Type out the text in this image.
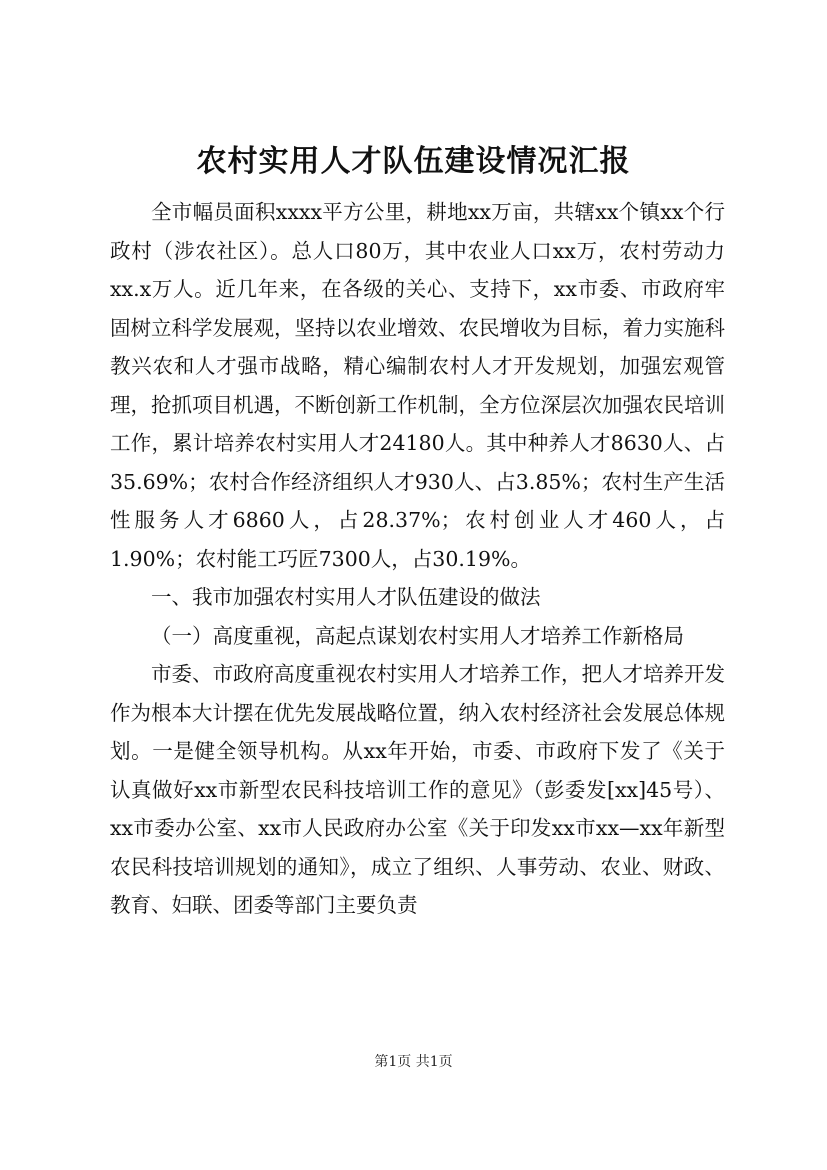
农村实用人才队伍建设情况汇报

全市幅员面积xxxx平方公里，耕地xx万亩，共辖xx个镇xx个行政村（涉农社区）。总人口80万，其中农业人口xx万，农村劳动力xx.x万人。近几年来，在各级的关心、支持下，xx市委、市政府牢固树立科学发展观，坚持以农业增效、农民增收为目标，着力实施科教兴农和人才强市战略，精心编制农村人才开发规划，加强宏观管理，抢抓项目机遇，不断创新工作机制，全方位深层次加强农民培训工作，累计培养农村实用人才24180人。其中种养人才8630人、占35.69%；农村合作经济组织人才930人、占3.85%；农村生产生活性服务人才6860人，占28.37%；农村创业人才460人，占1.90%；农村能工巧匠7300人，占30.19%。

一、我市加强农村实用人才队伍建设的做法

（一）高度重视，高起点谋划农村实用人才培养工作新格局

市委、市政府高度重视农村实用人才培养工作，把人才培养开发作为根本大计摆在优先发展战略位置，纳入农村经济社会发展总体规划。一是健全领导机构。从xx年开始，市委、市政府下发了《关于认真做好xx市新型农民科技培训工作的意见》（彭委发[xx]45号）、xx市委办公室、xx市人民政府办公室《关于印发xx市xx—xx年新型农民科技培训规划的通知》，成立了组织、人事劳动、农业、财政、教育、妇联、团委等部门主要负责

第1页 共1页
